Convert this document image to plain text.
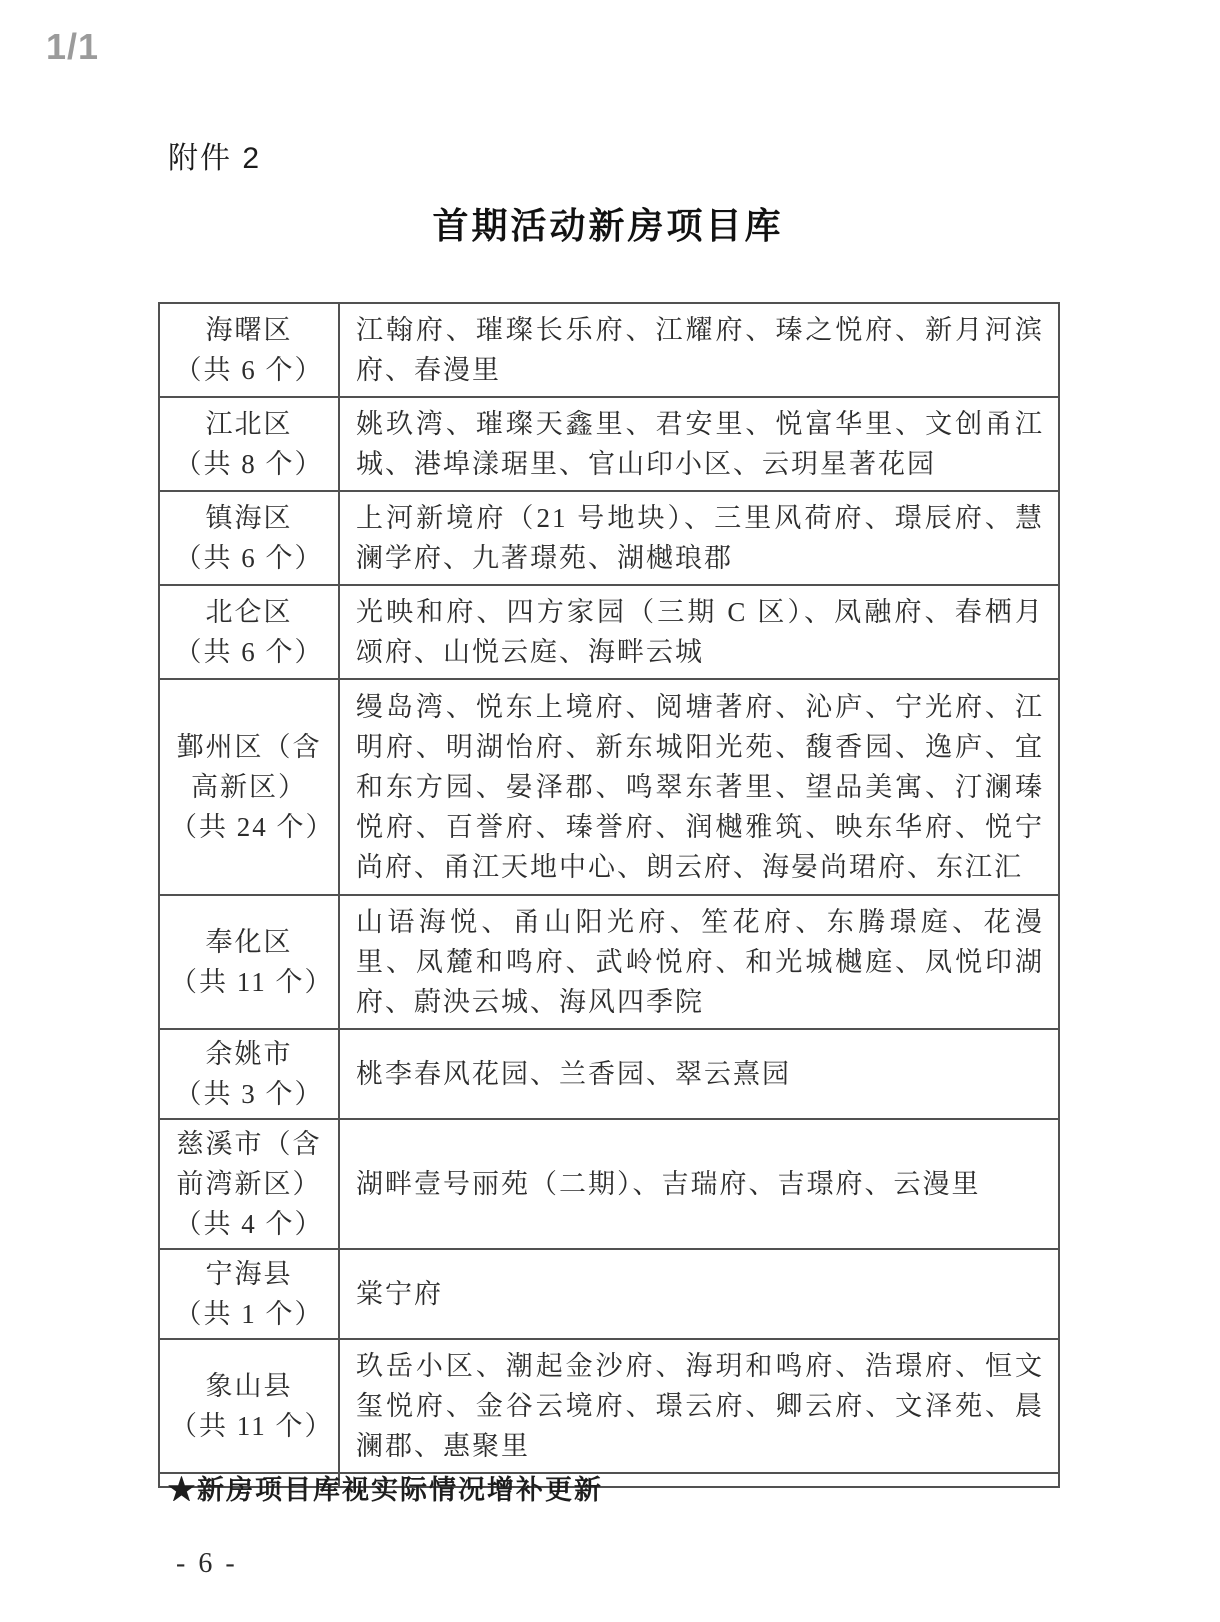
1/1
附件 2
首期活动新房项目库
海曙区
（共 6 个）	江翰府、璀璨长乐府、江耀府、瑧之悦府、新月河滨府、春漫里

江北区
（共 8 个）	姚玖湾、璀璨天鑫里、君安里、悦富华里、文创甬江城、港埠漾琚里、官山印小区、云玥星著花园

镇海区
（共 6 个）	上河新境府（21 号地块）、三里风荷府、璟辰府、慧澜学府、九著璟苑、湖樾琅郡

北仑区
（共 6 个）	光映和府、四方家园（三期 C 区）、凤融府、春栖月颂府、山悦云庭、海畔云城

鄞州区（含高新区）
（共 24 个）	缦岛湾、悦东上境府、阅塘著府、沁庐、宁光府、江明府、明湖怡府、新东城阳光苑、馥香园、逸庐、宜和东方园、晏泽郡、鸣翠东著里、望品美寓、汀澜瑧悦府、百誉府、瑧誉府、润樾雅筑、映东华府、悦宁尚府、甬江天地中心、朗云府、海晏尚珺府、东江汇

奉化区
（共 11 个）	山语海悦、甬山阳光府、笙花府、东腾璟庭、花漫里、凤麓和鸣府、武岭悦府、和光城樾庭、凤悦印湖府、蔚泱云城、海风四季院

余姚市
（共 3 个）	桃李春风花园、兰香园、翠云熹园

慈溪市（含前湾新区）
（共 4 个）	湖畔壹号丽苑（二期）、吉瑞府、吉璟府、云漫里

宁海县
（共 1 个）	棠宁府

象山县
（共 11 个）	玖岳小区、潮起金沙府、海玥和鸣府、浩璟府、恒文玺悦府、金谷云境府、璟云府、卿云府、文泽苑、晨澜郡、惠聚里

★新房项目库视实际情况增补更新
- 6 -
